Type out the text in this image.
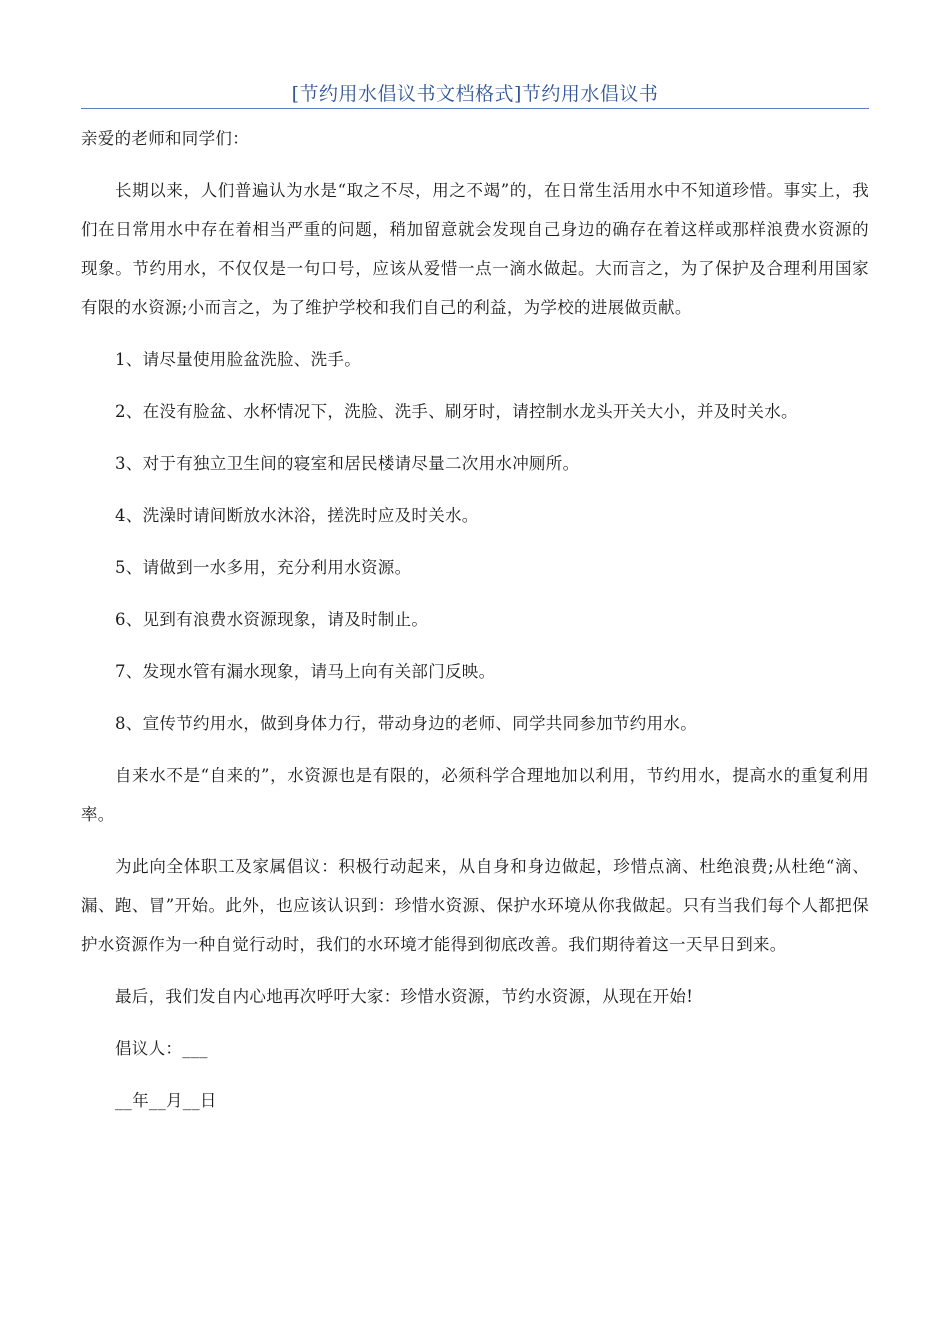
[节约用水倡议书文档格式]节约用水倡议书

亲爱的老师和同学们：

长期以来，人们普遍认为水是“取之不尽，用之不竭”的，在日常生活用水中不知道珍惜。事实上，我们在日常用水中存在着相当严重的问题，稍加留意就会发现自己身边的确存在着这样或那样浪费水资源的现象。节约用水，不仅仅是一句口号，应该从爱惜一点一滴水做起。大而言之，为了保护及合理利用国家有限的水资源;小而言之，为了维护学校和我们自己的利益，为学校的进展做贡献。

1、请尽量使用脸盆洗脸、洗手。

2、在没有脸盆、水杯情况下，洗脸、洗手、刷牙时，请控制水龙头开关大小，并及时关水。

3、对于有独立卫生间的寝室和居民楼请尽量二次用水冲厕所。

4、洗澡时请间断放水沐浴，搓洗时应及时关水。

5、请做到一水多用，充分利用水资源。

6、见到有浪费水资源现象，请及时制止。

7、发现水管有漏水现象，请马上向有关部门反映。

8、宣传节约用水，做到身体力行，带动身边的老师、同学共同参加节约用水。

自来水不是“自来的”，水资源也是有限的，必须科学合理地加以利用，节约用水，提高水的重复利用率。

为此向全体职工及家属倡议：积极行动起来，从自身和身边做起，珍惜点滴、杜绝浪费;从杜绝“滴、漏、跑、冒”开始。此外，也应该认识到：珍惜水资源、保护水环境从你我做起。只有当我们每个人都把保护水资源作为一种自觉行动时，我们的水环境才能得到彻底改善。我们期待着这一天早日到来。

最后，我们发自内心地再次呼吁大家：珍惜水资源，节约水资源，从现在开始!

倡议人：___

__年__月__日
